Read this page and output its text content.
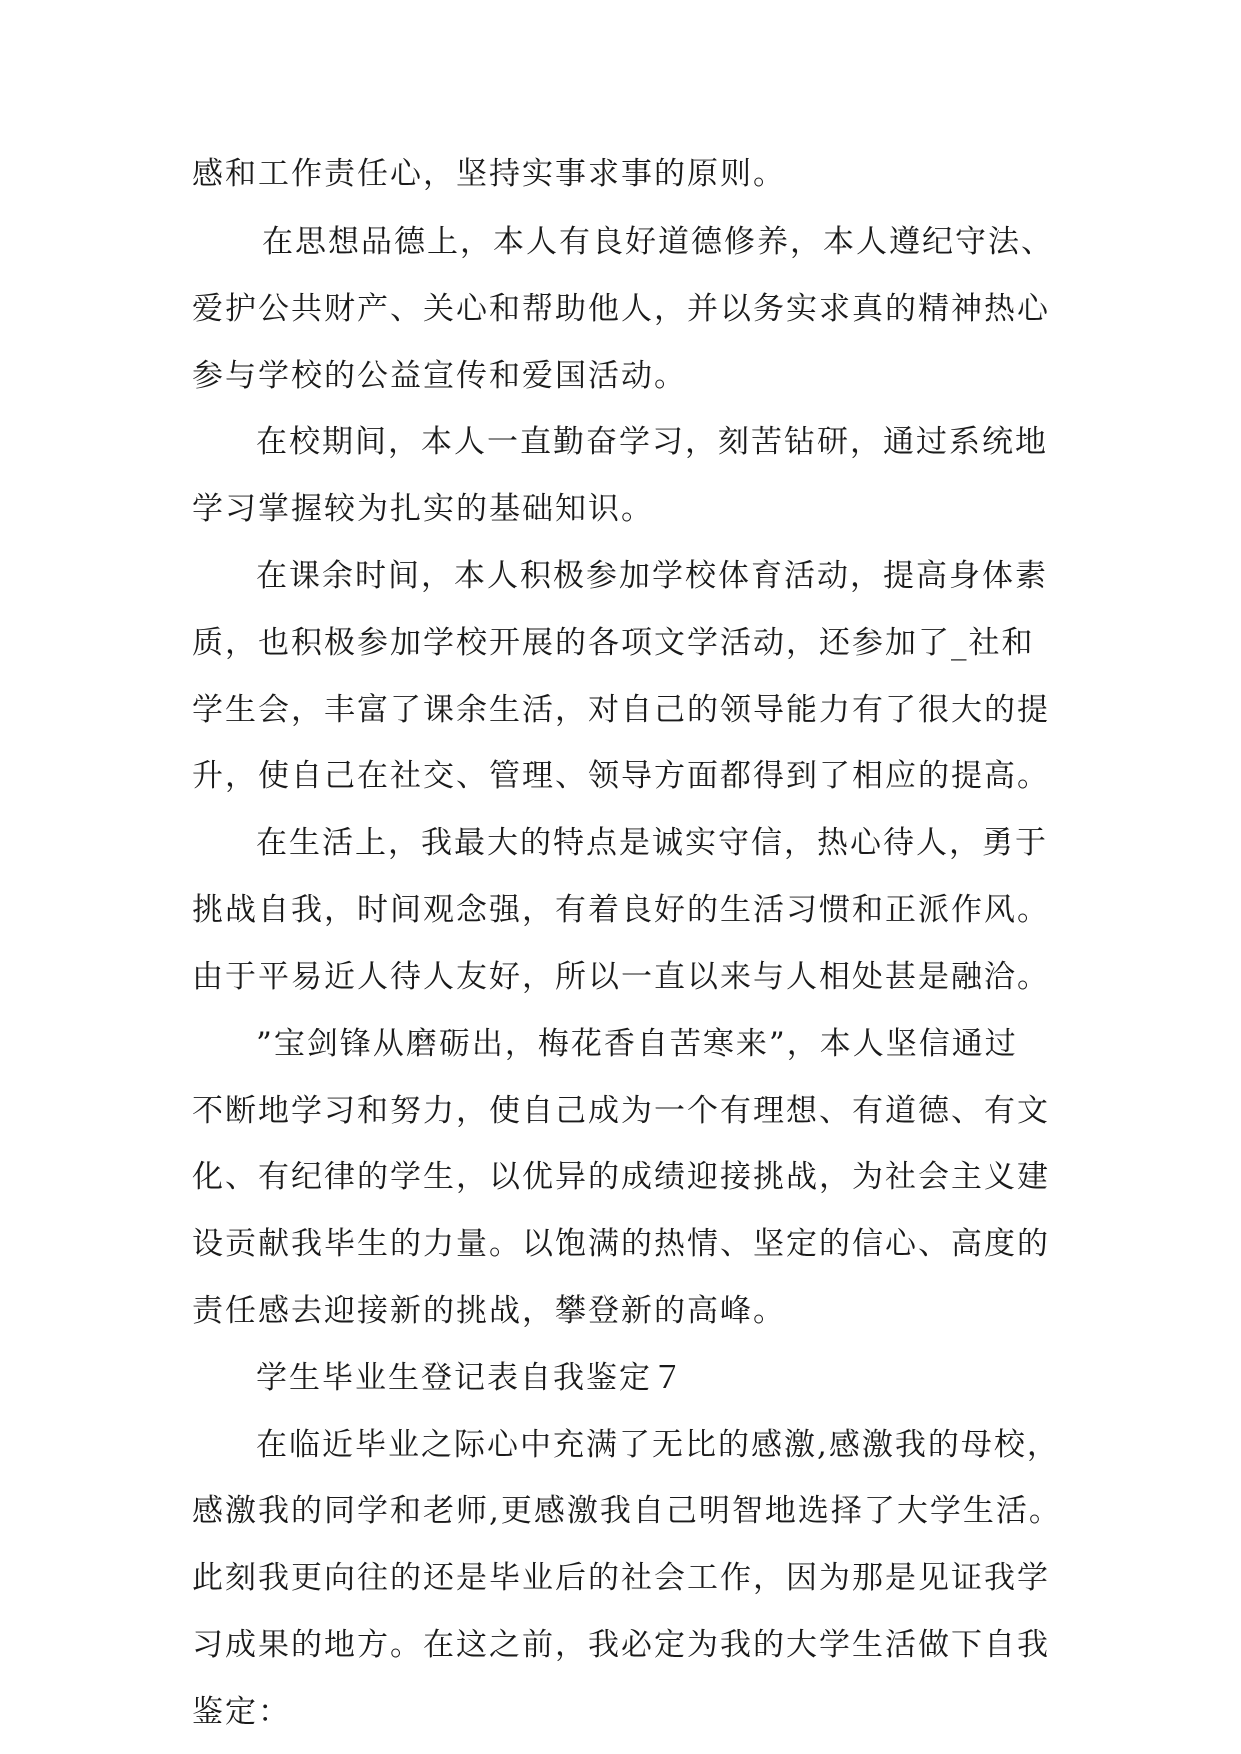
感和工作责任心，坚持实事求事的原则。

在思想品德上，本人有良好道德修养，本人遵纪守法、

爱护公共财产、关心和帮助他人，并以务实求真的精神热心

参与学校的公益宣传和爱国活动。

在校期间，本人一直勤奋学习，刻苦钻研，通过系统地

学习掌握较为扎实的基础知识。

在课余时间，本人积极参加学校体育活动，提高身体素

质，也积极参加学校开展的各项文学活动，还参加了_社和

学生会，丰富了课余生活，对自己的领导能力有了很大的提

升，使自己在社交、管理、领导方面都得到了相应的提高。

在生活上，我最大的特点是诚实守信，热心待人，勇于

挑战自我，时间观念强，有着良好的生活习惯和正派作风。

由于平易近人待人友好，所以一直以来与人相处甚是融洽。

”宝剑锋从磨砺出，梅花香自苦寒来”，本人坚信通过

不断地学习和努力，使自己成为一个有理想、有道德、有文

化、有纪律的学生，以优异的成绩迎接挑战，为社会主义建

设贡献我毕生的力量。以饱满的热情、坚定的信心、高度的

责任感去迎接新的挑战，攀登新的高峰。

学生毕业生登记表自我鉴定７

在临近毕业之际心中充满了无比的感激,感激我的母校，

感激我的同学和老师,更感激我自己明智地选择了大学生活。

此刻我更向往的还是毕业后的社会工作，因为那是见证我学

习成果的地方。在这之前，我必定为我的大学生活做下自我

鉴定：
